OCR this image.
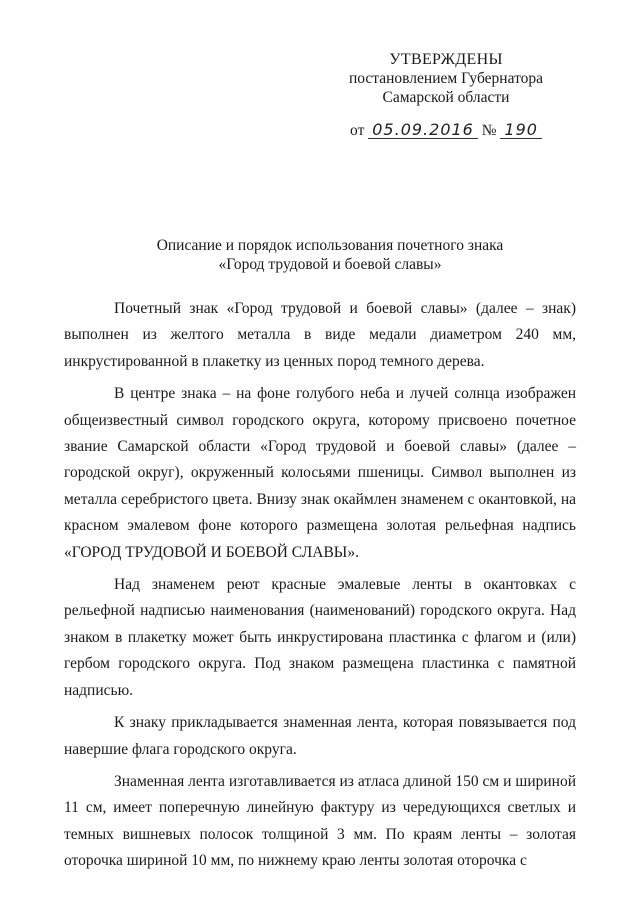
УТВЕРЖДЕНЫ
постановлением Губернатора
Самарской области
от 05.09.2016 № 190
Описание и порядок использования почетного знака
«Город трудовой и боевой славы»

Почетный знак «Город трудовой и боевой славы» (далее – знак) выполнен из желтого металла в виде медали диаметром 240 мм, инкрустированной в плакетку из ценных пород темного дерева.

В центре знака – на фоне голубого неба и лучей солнца изображен общеизвестный символ городского округа, которому присвоено почетное звание Самарской области «Город трудовой и боевой славы» (далее – городской округ), окруженный колосьями пшеницы. Символ выполнен из металла серебристого цвета. Внизу знак окаймлен знаменем с окантовкой, на красном эмалевом фоне которого размещена золотая рельефная надпись «ГОРОД ТРУДОВОЙ И БОЕВОЙ СЛАВЫ».

Над знаменем реют красные эмалевые ленты в окантовках с рельефной надписью наименования (наименований) городского округа. Над знаком в плакетку может быть инкрустирована пластинка с флагом и (или) гербом городского округа. Под знаком размещена пластинка с памятной надписью.

К знаку прикладывается знаменная лента, которая повязывается под навершие флага городского округа.

Знаменная лента изготавливается из атласа длиной 150 см и шириной 11 см, имеет поперечную линейную фактуру из чередующихся светлых и темных вишневых полосок толщиной 3 мм. По краям ленты – золотая оторочка шириной 10 мм, по нижнему краю ленты золотая оторочка с
